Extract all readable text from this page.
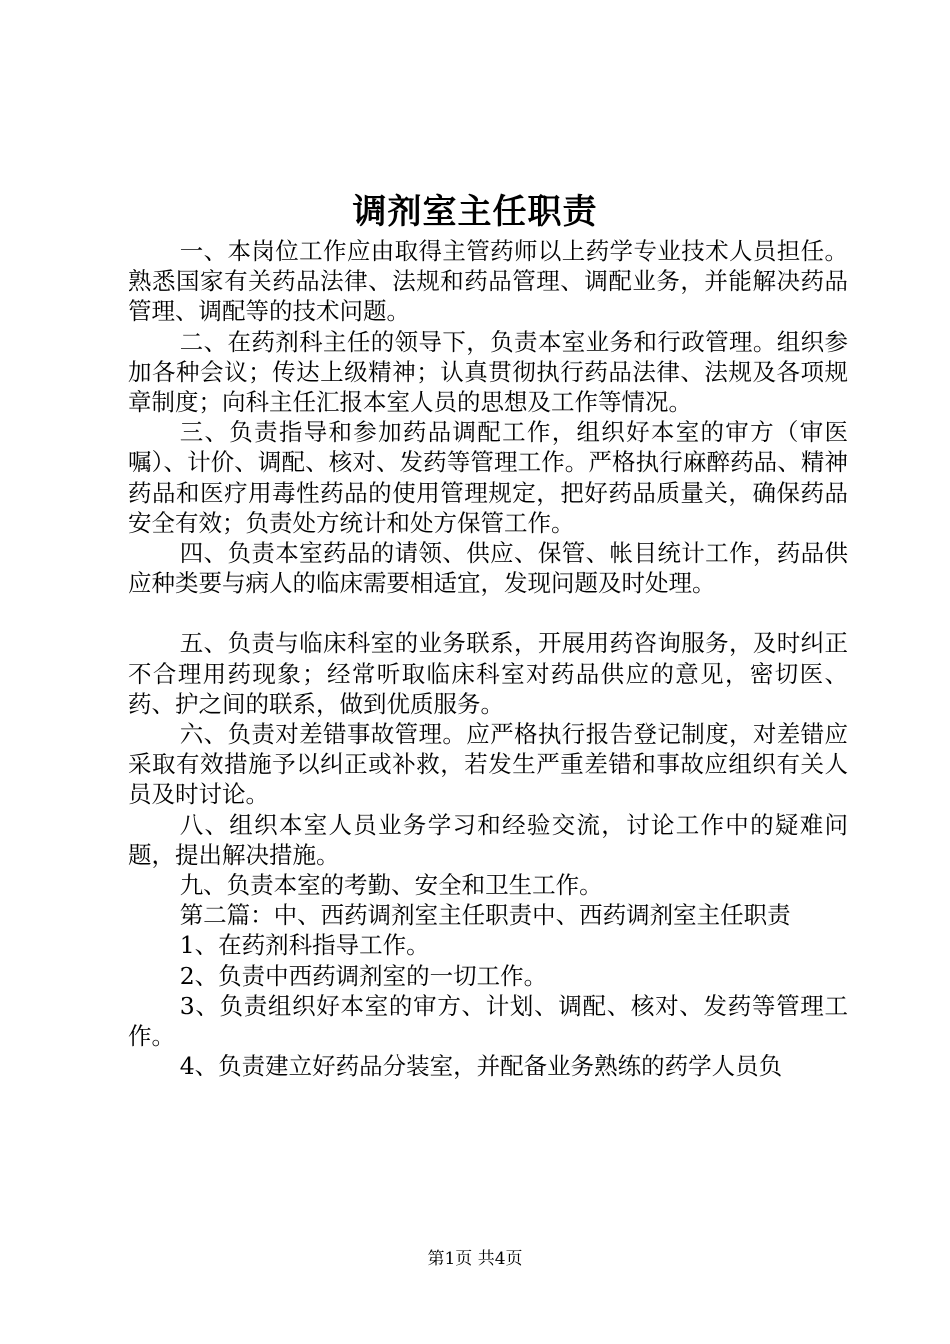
调剂室主任职责

一、本岗位工作应由取得主管药师以上药学专业技术人员担任。熟悉国家有关药品法律、法规和药品管理、调配业务，并能解决药品管理、调配等的技术问题。

二、在药剂科主任的领导下，负责本室业务和行政管理。组织参加各种会议；传达上级精神；认真贯彻执行药品法律、法规及各项规章制度；向科主任汇报本室人员的思想及工作等情况。

三、负责指导和参加药品调配工作，组织好本室的审方（审医嘱）、计价、调配、核对、发药等管理工作。严格执行麻醉药品、精神药品和医疗用毒性药品的使用管理规定，把好药品质量关，确保药品安全有效；负责处方统计和处方保管工作。

四、负责本室药品的请领、供应、保管、帐目统计工作，药品供应种类要与病人的临床需要相适宜，发现问题及时处理。

五、负责与临床科室的业务联系，开展用药咨询服务，及时纠正不合理用药现象；经常听取临床科室对药品供应的意见，密切医、药、护之间的联系，做到优质服务。

六、负责对差错事故管理。应严格执行报告登记制度，对差错应采取有效措施予以纠正或补救，若发生严重差错和事故应组织有关人员及时讨论。

八、组织本室人员业务学习和经验交流，讨论工作中的疑难问题，提出解决措施。

九、负责本室的考勤、安全和卫生工作。

第二篇：中、西药调剂室主任职责中、西药调剂室主任职责

1、在药剂科指导工作。

2、负责中西药调剂室的一切工作。

3、负责组织好本室的审方、计划、调配、核对、发药等管理工作。

4、负责建立好药品分装室，并配备业务熟练的药学人员负

第1页 共4页
